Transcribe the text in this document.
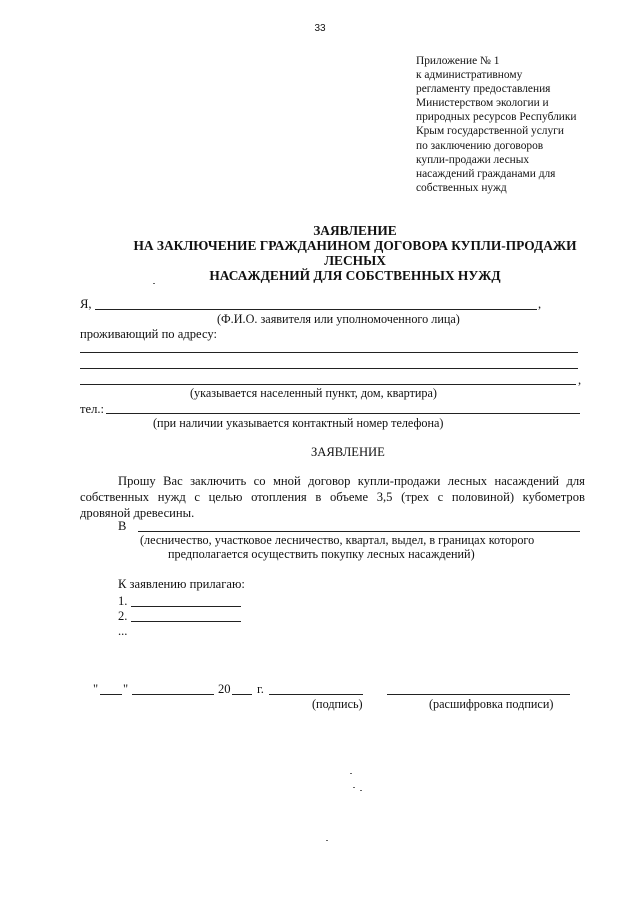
33
Приложение № 1
к административному
регламенту предоставления
Министерством экологии и
природных ресурсов Республики
Крым государственной услуги
по заключению договоров
купли-продажи лесных
насаждений гражданами для
собственных нужд
ЗАЯВЛЕНИЕ
НА ЗАКЛЮЧЕНИЕ ГРАЖДАНИНОМ ДОГОВОРА КУПЛИ-ПРОДАЖИ
ЛЕСНЫХ
НАСАЖДЕНИЙ ДЛЯ СОБСТВЕННЫХ НУЖД
Я,	,
(Ф.И.О. заявителя или уполномоченного лица)
проживающий по адресу:
,
(указывается населенный пункт, дом, квартира)
тел.:
(при наличии указывается контактный номер телефона)
ЗАЯВЛЕНИЕ
Прошу Вас заключить со мной договор купли-продажи лесных насаждений для
собственных нужд с целью отопления в объеме 3,5 (трех с половиной) кубометров
дровяной древесины.
В
(лесничество, участковое лесничество, квартал, выдел, в границах которого
предполагается осуществить покупку лесных насаждений)
К заявлению прилагаю:
1.
2.
...
" "	20 г.
(подпись)	(расшифровка подписи)
